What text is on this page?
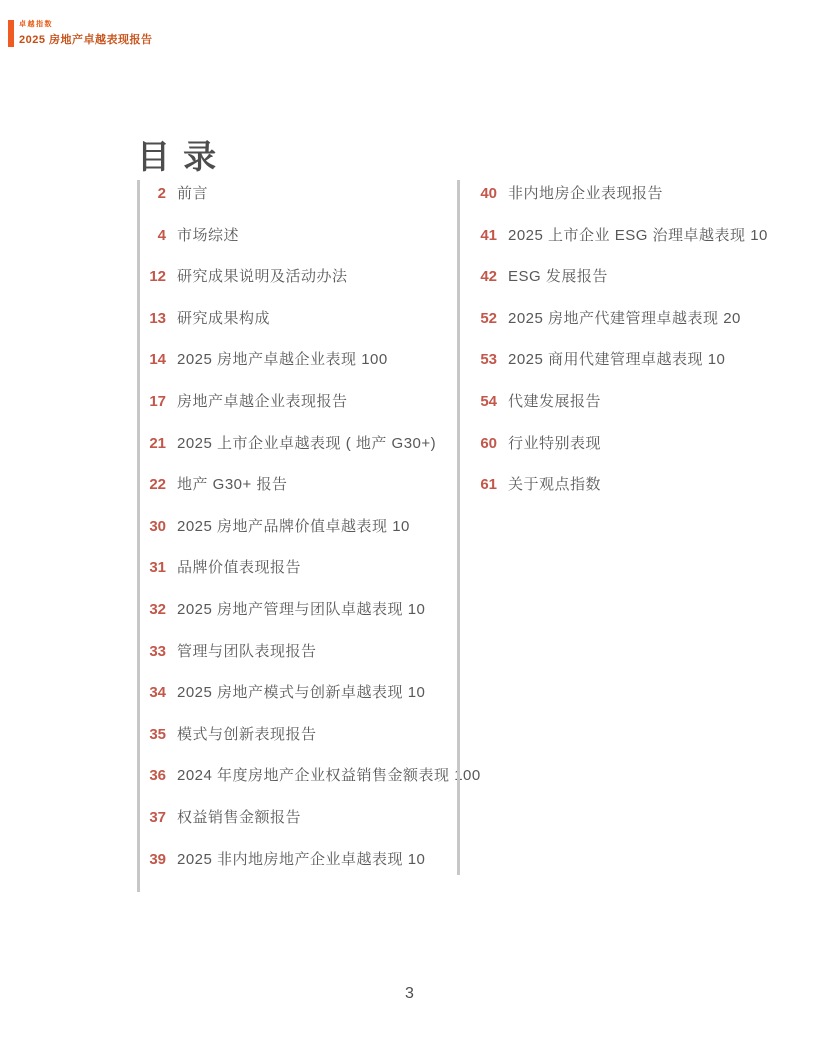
卓越指数
2025 房地产卓越表现报告
目 录
2 前言
4 市场综述
12 研究成果说明及活动办法
13 研究成果构成
14 2025 房地产卓越企业表现 100
17 房地产卓越企业表现报告
21 2025 上市企业卓越表现 ( 地产 G30+)
22 地产 G30+ 报告
30 2025 房地产品牌价值卓越表现 10
31 品牌价值表现报告
32 2025 房地产管理与团队卓越表现 10
33 管理与团队表现报告
34 2025 房地产模式与创新卓越表现 10
35 模式与创新表现报告
36 2024 年度房地产企业权益销售金额表现 100
37 权益销售金额报告
39 2025 非内地房地产企业卓越表现 10
40 非内地房企业表现报告
41 2025 上市企业 ESG 治理卓越表现 10
42 ESG 发展报告
52 2025 房地产代建管理卓越表现 20
53 2025 商用代建管理卓越表现 10
54 代建发展报告
60 行业特别表现
61 关于观点指数
3
